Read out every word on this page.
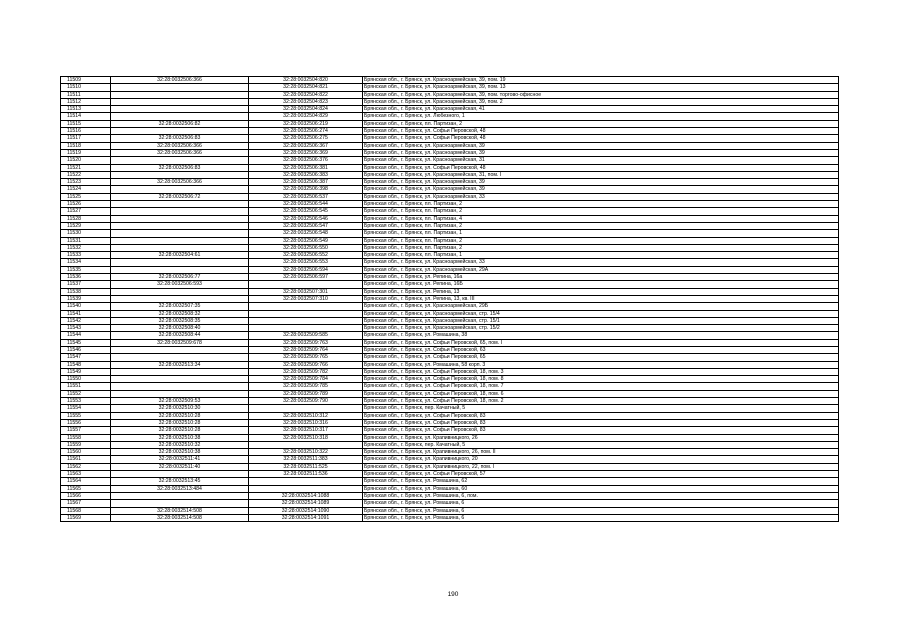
11509	32:28:0032506:366	32:28:0032504:820	Брянская обл., г. Брянск, ул. Красноармейская, 39, пом. 19
11510		32:28:0032504:821	Брянская обл., г. Брянск, ул. Красноармейская, 39, пом. 13
11511		32:28:0032504:822	Брянская обл., г. Брянск, ул. Красноармейская, 39, пом. торгово-офисное
11512		32:28:0032504:823	Брянская обл., г. Брянск, ул. Красноармейская, 39, пом. 2
11513		32:28:0032504:824	Брянская обл., г. Брянск, ул. Красноармейская, 41
11514		32:28:0032504:829	Брянская обл., г. Брянск, ул. Любезного, 1
11515	32:28:0032506:82	32:28:0032506:219	Брянская обл., г. Брянск, пл. Партизан, 2
11516		32:28:0032506:274	Брянская обл., г. Брянск, ул. Софьи Перовской, 48
11517	32:28:0032506:83	32:28:0032506:275	Брянская обл., г. Брянск, ул. Софьи Перовской, 48
11518	32:28:0032506:366	32:28:0032506:367	Брянская обл., г. Брянск, ул. Красноармейская, 39
11519	32:28:0032506:366	32:28:0032506:369	Брянская обл., г. Брянск, ул. Красноармейская, 39
11520		32:28:0032506:376	Брянская обл., г. Брянск, ул. Красноармейская, 31
11521	32:28:0032506:83	32:28:0032506:381	Брянская обл., г. Брянск, ул. Софьи Перовской, 48
11522		32:28:0032506:383	Брянская обл., г. Брянск, ул. Красноармейская, 31, пом. I
11523	32:28:0032506:366	32:28:0032506:387	Брянская обл., г. Брянск, ул. Красноармейская, 39
11524		32:28:0032506:398	Брянская обл., г. Брянск, ул. Красноармейская, 39
11525	32:28:0032506:72	32:28:0032506:537	Брянская обл., г. Брянск, ул. Красноармейская, 33
11526		32:28:0032506:544	Брянская обл., г. Брянск, пл. Партизан, 2
11527		32:28:0032506:545	Брянская обл., г. Брянск, пл. Партизан, 2
11528		32:28:0032506:546	Брянская обл., г. Брянск, пл. Партизан, 4
11529		32:28:0032506:547	Брянская обл., г. Брянск, пл. Партизан, 2
11530		32:28:0032506:548	Брянская обл., г. Брянск, пл. Партизан, 1
11531		32:28:0032506:549	Брянская обл., г. Брянск, пл. Партизан, 2
11532		32:28:0032506:550	Брянская обл., г. Брянск, пл. Партизан, 2
11533	32:28:0032504:61	32:28:0032506:552	Брянская обл., г. Брянск, пл. Партизан, 1
11534		32:28:0032506:553	Брянская обл., г. Брянск, ул. Красноармейская, 33
11535		32:28:0032506:594	Брянская обл., г. Брянск, ул. Красноармейская, 29А
11536	32:28:0032506:77	32:28:0032506:597	Брянская обл., г. Брянск, ул. Репина, 16а
11537	32:28:0032506:593		Брянская обл., г. Брянск, ул. Репина, 16Б
11538		32:28:0032507:301	Брянская обл., г. Брянск, ул. Репина, 13
11539		32:28:0032507:310	Брянская обл., г. Брянск, ул. Репина, 13, кв. III
11540	32:28:0032507:35		Брянская обл., г. Брянск, ул. Красноармейская, 29Б
11541	32:28:0032508:32		Брянская обл., г. Брянск, ул. Красноармейская, стр. 15/4
11542	32:28:0032508:35		Брянская обл., г. Брянск, ул. Красноармейская, стр. 15/1
11543	32:28:0032508:40		Брянская обл., г. Брянск, ул. Красноармейская, стр. 15/2
11544	32:28:0032508:44	32:28:0032509:585	Брянская обл., г. Брянск, ул. Ромашина, 38
11545	32:28:0032509:678	32:28:0032509:763	Брянская обл., г. Брянск, ул. Софьи Перовской, 65, пом. I
11546		32:28:0032509:764	Брянская обл., г. Брянск, ул. Софьи Перовской, 63
11547		32:28:0032509:765	Брянская обл., г. Брянск, ул. Софьи Перовской, 65
11548	32:28:0032513:34	32:28:0032509:766	Брянская обл., г. Брянск, ул. Ромашина, 58 корп. 3
11549		32:28:0032509:782	Брянская обл., г. Брянск, ул. Софьи Перовской, 18, пом. 3
11550		32:28:0032509:784	Брянская обл., г. Брянск, ул. Софьи Перовской, 18, пом. 8
11551		32:28:0032509:785	Брянская обл., г. Брянск, ул. Софьи Перовской, 18, пом. 7
11552		32:28:0032509:789	Брянская обл., г. Брянск, ул. Софьи Перовской, 18, пом. 6
11553	32:28:0032509:53	32:28:0032509:790	Брянская обл., г. Брянск, ул. Софьи Перовской, 18, пом. 2
11554	32:28:0032510:30		Брянская обл., г. Брянск, пер. Качатный, 5
11555	32:28:0032510:28	32:28:0032510:312	Брянская обл., г. Брянск, ул. Софьи Перовской, 83
11556	32:28:0032510:28	32:28:0032510:316	Брянская обл., г. Брянск, ул. Софьи Перовской, 83
11557	32:28:0032510:28	32:28:0032510:317	Брянская обл., г. Брянск, ул. Софьи Перовской, 83
11558	32:28:0032510:38	32:28:0032510:318	Брянская обл., г. Брянск, ул. Крапивницкого, 26
11559	32:28:0032510:32		Брянская обл., г. Брянск, пер. Качатный, 5
11560	32:28:0032510:38	32:28:0032510:322	Брянская обл., г. Брянск, ул. Крапивницкого, 26, пом. II
11561	32:28:0032511:41	32:28:0032511:383	Брянская обл., г. Брянск, ул. Крапивницкого, 20
11562	32:28:0032511:40	32:28:0032511:525	Брянская обл., г. Брянск, ул. Крапивницкого, 22, пом. I
11563		32:28:0032511:536	Брянская обл., г. Брянск, ул. Софьи Перовской, 57
11564	32:28:0032513:45		Брянская обл., г. Брянск, ул. Ромашина, 62
11565	32:28:0032513:484		Брянская обл., г. Брянск, ул. Ромашина, 60
11566		32:28:0032514:1088	Брянская обл., г. Брянск, ул. Ромашина, 6, пом.
11567		32:28:0032514:1089	Брянская обл., г. Брянск, ул. Ромашина, 6
11568	32:28:0032514:508	32:28:0032514:1090	Брянская обл., г. Брянск, ул. Ромашина, 6
11569	32:28:0032514:508	32:28:0032514:1091	Брянская обл., г. Брянск, ул. Ромашина, 6
190
